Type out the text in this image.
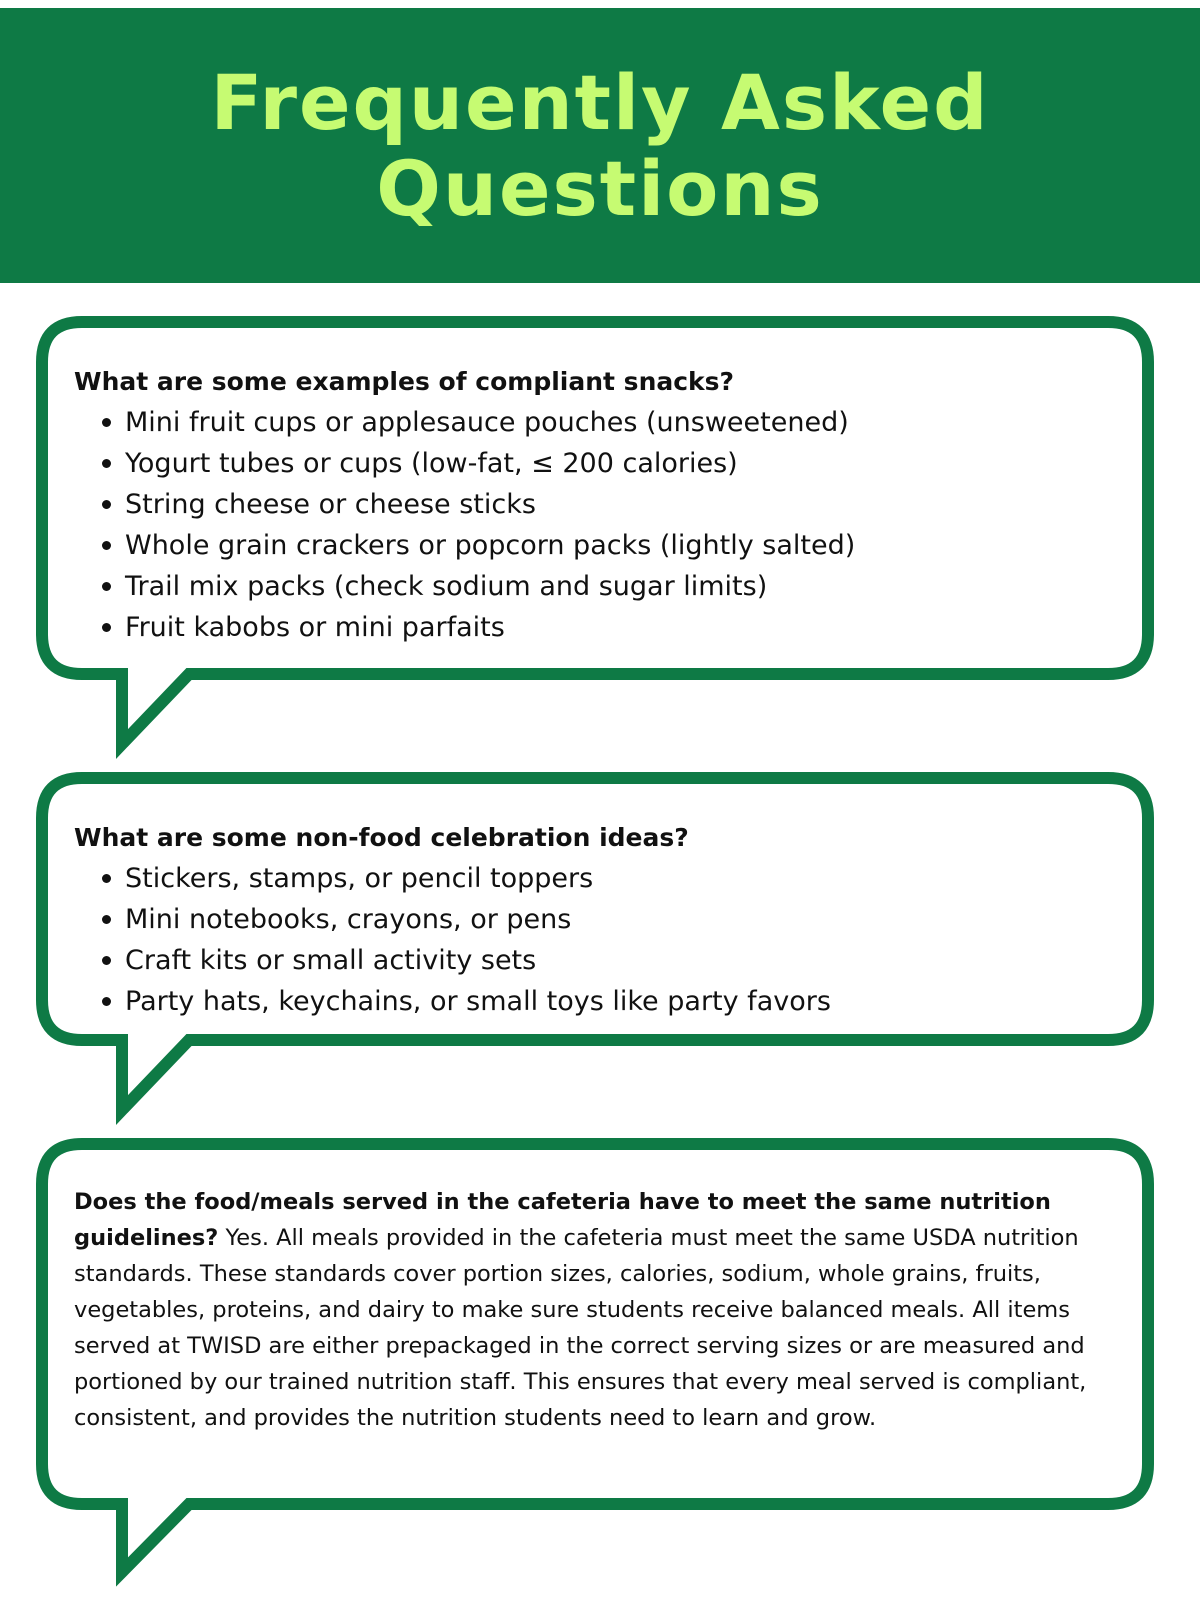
Frequently Asked
Questions

What are some examples of compliant snacks?

Mini fruit cups or applesauce pouches (unsweetened)
Yogurt tubes or cups (low-fat, ≤ 200 calories)
String cheese or cheese sticks
Whole grain crackers or popcorn packs (lightly salted)
Trail mix packs (check sodium and sugar limits)
Fruit kabobs or mini parfaits

What are some non-food celebration ideas?

Stickers, stamps, or pencil toppers
Mini notebooks, crayons, or pens
Craft kits or small activity sets
Party hats, keychains, or small toys like party favors

Does the food/meals served in the cafeteria have to meet the same nutrition guidelines? Yes. All meals provided in the cafeteria must meet the same USDA nutrition standards. These standards cover portion sizes, calories, sodium, whole grains, fruits, vegetables, proteins, and dairy to make sure students receive balanced meals. All items served at TWISD are either prepackaged in the correct serving sizes or are measured and portioned by our trained nutrition staff. This ensures that every meal served is compliant, consistent, and provides the nutrition students need to learn and grow.
